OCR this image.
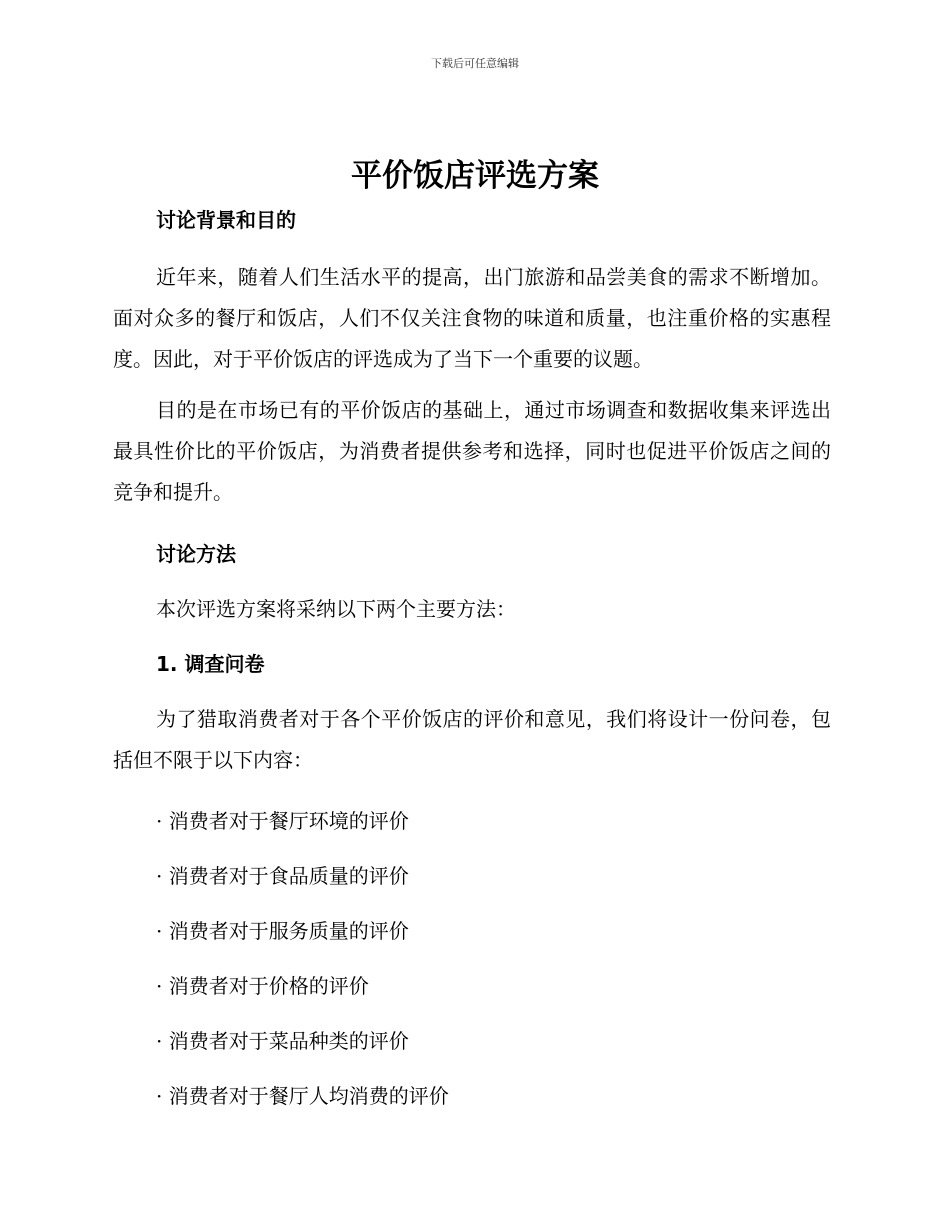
下载后可任意编辑
平价饭店评选方案
讨论背景和目的
近年来，随着人们生活水平的提高，出门旅游和品尝美食的需求不断增加。面对众多的餐厅和饭店，人们不仅关注食物的味道和质量，也注重价格的实惠程度。因此，对于平价饭店的评选成为了当下一个重要的议题。
目的是在市场已有的平价饭店的基础上，通过市场调查和数据收集来评选出最具性价比的平价饭店，为消费者提供参考和选择，同时也促进平价饭店之间的竞争和提升。
讨论方法
本次评选方案将采纳以下两个主要方法：
1. 调查问卷
为了猎取消费者对于各个平价饭店的评价和意见，我们将设计一份问卷，包括但不限于以下内容：
· 消费者对于餐厅环境的评价
· 消费者对于食品质量的评价
· 消费者对于服务质量的评价
· 消费者对于价格的评价
· 消费者对于菜品种类的评价
· 消费者对于餐厅人均消费的评价
